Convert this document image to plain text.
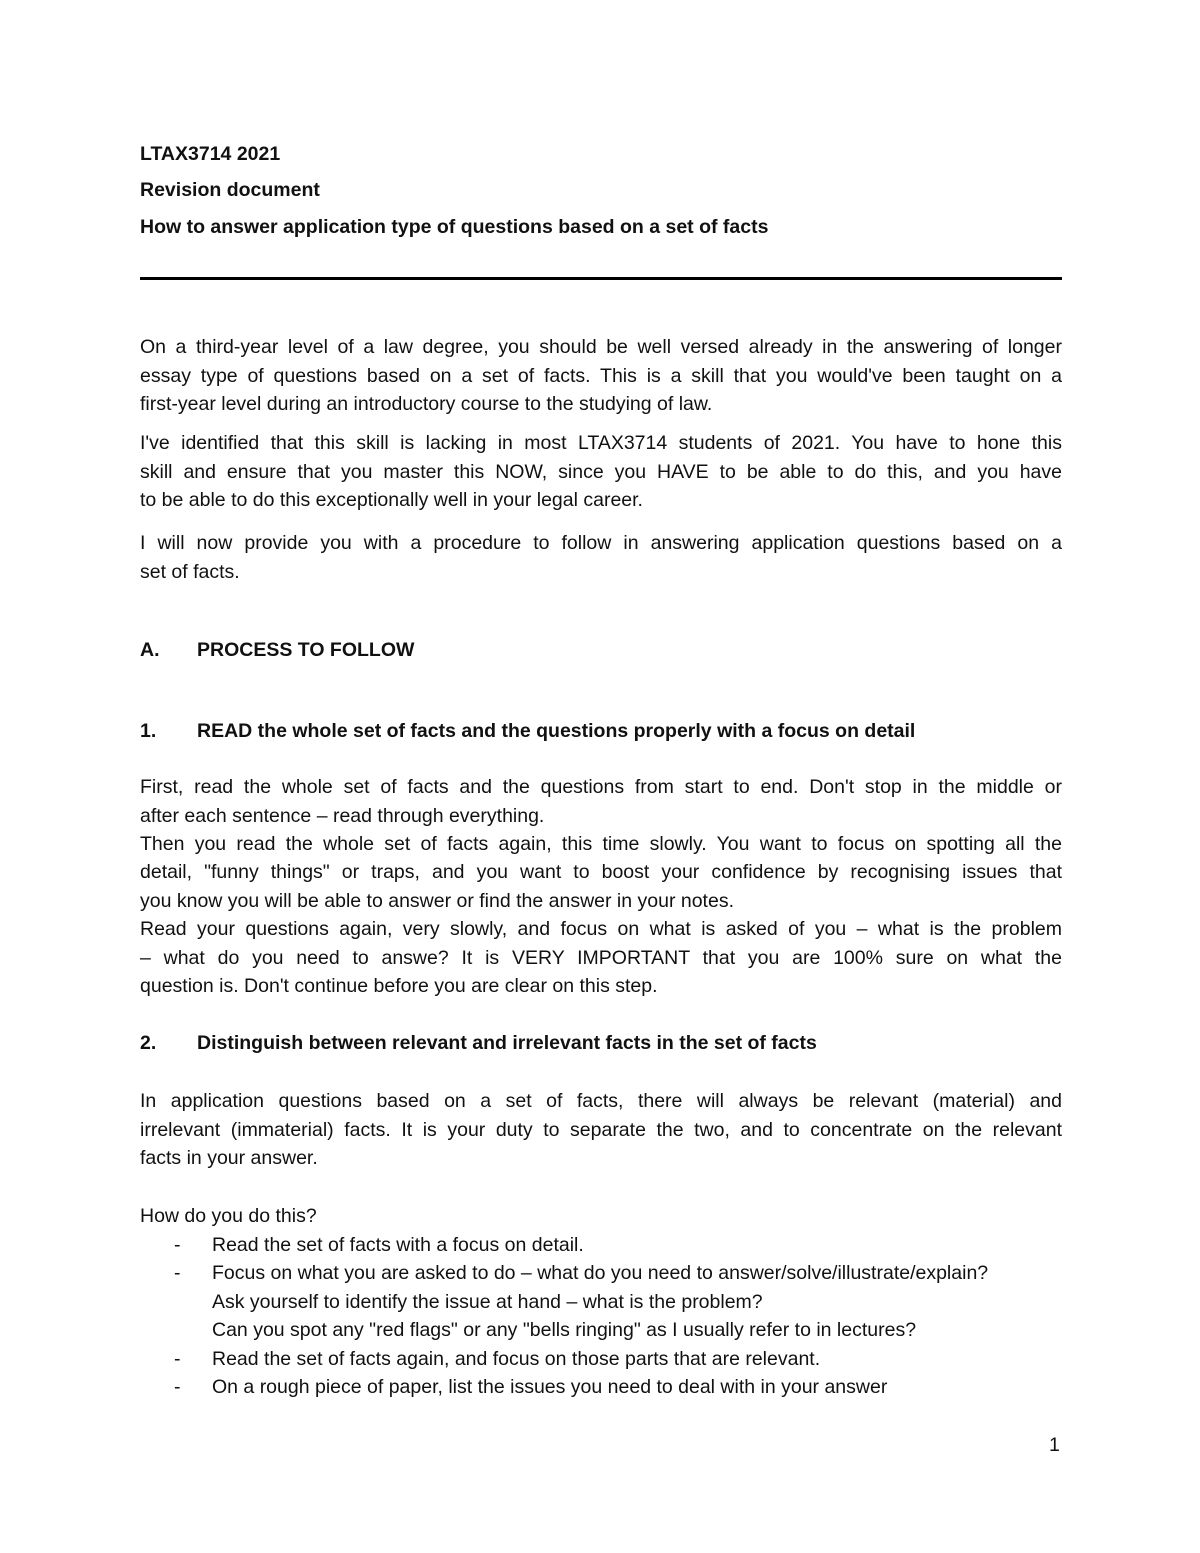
LTAX3714 2021
Revision document
How to answer application type of questions based on a set of facts
On a third-year level of a law degree, you should be well versed already in the answering of longer
essay type of questions based on a set of facts. This is a skill that you would've been taught on a
first-year level during an introductory course to the studying of law.
I've identified that this skill is lacking in most LTAX3714 students of 2021. You have to hone this
skill and ensure that you master this NOW, since you HAVE to be able to do this, and you have
to be able to do this exceptionally well in your legal career.
I will now provide you with a procedure to follow in answering application questions based on a
set of facts.
A. PROCESS TO FOLLOW
1. READ the whole set of facts and the questions properly with a focus on detail
First, read the whole set of facts and the questions from start to end. Don't stop in the middle or
after each sentence – read through everything.
Then you read the whole set of facts again, this time slowly. You want to focus on spotting all the
detail, "funny things" or traps, and you want to boost your confidence by recognising issues that
you know you will be able to answer or find the answer in your notes.
Read your questions again, very slowly, and focus on what is asked of you – what is the problem
– what do you need to answe? It is VERY IMPORTANT that you are 100% sure on what the
question is. Don't continue before you are clear on this step.
2. Distinguish between relevant and irrelevant facts in the set of facts
In application questions based on a set of facts, there will always be relevant (material) and
irrelevant (immaterial) facts. It is your duty to separate the two, and to concentrate on the relevant
facts in your answer.
How do you do this?
- Read the set of facts with a focus on detail.
- Focus on what you are asked to do – what do you need to answer/solve/illustrate/explain?
Ask yourself to identify the issue at hand – what is the problem?
Can you spot any "red flags" or any "bells ringing" as I usually refer to in lectures?
- Read the set of facts again, and focus on those parts that are relevant.
- On a rough piece of paper, list the issues you need to deal with in your answer
1
